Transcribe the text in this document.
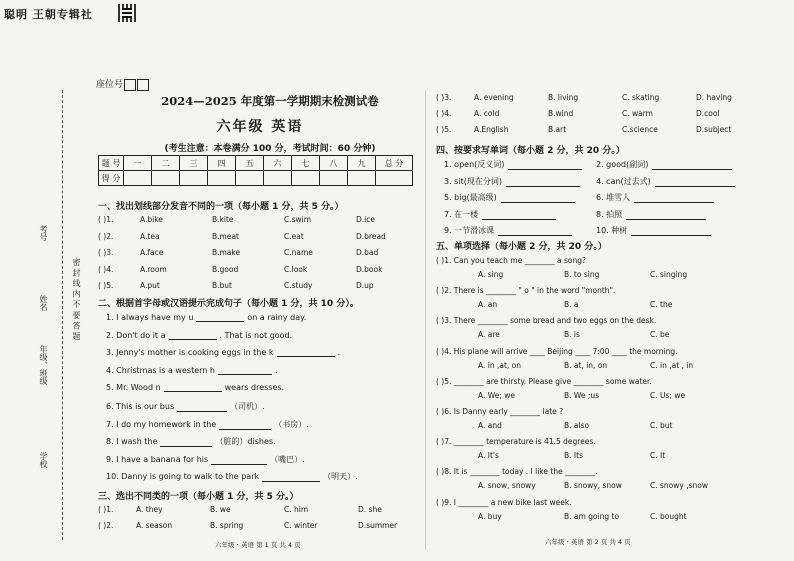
聪明 王朝专辑社
学校
年级、班级
姓名
考号
密 封 线 内 不 要 答 题
座位号
2024—2025 年度第一学期期末检测试卷
六年级 英语
(考生注意：本卷满分 100 分，考试时间：60 分钟)
题 号	一	二	三	四	五	六	七	八	九	总 分
得 分										
一、找出划线部分发音不同的一项（每小题 1 分，共 5 分。）
( )1.	A.bike	B.kite	C.swim	D.ice
( )2.	A.tea	B.meat	C.eat	D.bread
( )3.	A.face	B.make	C.name	D.bad
( )4.	A.room	B.good	C.look	D.book
( )5.	A.put	B.but	C.study	D.up
二、根据首字母或汉语提示完成句子（每小题 1 分，共 10 分）。
1. I always have my u	on a rainy day.
2. Don't do it a	. That is not good.
3. Jenny's mother is cooking eggs in the k	.
4. Christmas is a western h	.
5. Mr. Wood n	wears dresses.
6. This is our bus	（司机）.
7. I do my homework in the	（书房）.
8. I wash the	（脏的）dishes.
9. I have a banana for his	（嘴巴）.
10. Danny is going to walk to the park	（明天）.
三、选出不同类的一项（每小题 1 分，共 5 分。）
( )1.	A. they	B. we	C. him	D. she
( )2.	A. season	B. spring	C. winter	D.summer
( )3.	A. evening	B. living	C. skating	D. having
( )4.	A. cold	B.wind	C. warm	D.cool
( )5.	A.English	B.art	C.science	D.subject
四、按要求写单词（每小题 2 分，共 20 分。）
1. open(反义词)	2. good(副词)
3. sit(现在分词)	4. can(过去式)
5. big(最高级)	6. 堆雪人
7. 在一楼	8. 拍照
9. 一节滑冰课	10. 种树
五、单项选择（每小题 2 分，共 20 分。）
( )1. Can you teach me ________ a song?
A. sing	B. to sing	C. singing
( )2. There is ________ " o " in the word "month".
A. an	B. a	C. the
( )3. There ________ some bread and two eggs on the desk.
A. are	B. is	C. be
( )4. His plane will arrive ____ Beijing ____ 7:00 ____ the morning.
A. in ,at, on	B. at, in, on	C. in ,at , in
( )5. ________ are thirsty. Please give ________ some water.
A. We; we	B. We ;us	C. Us; we
( )6. Is Danny early ________ late ?
A. and	B. also	C. but
( )7. ________ temperature is 41.5 degrees.
A. It's	B. Its	C. It
( )8. It is ________ today . I like the ________.
A. snow, snowy	B. snowy, snow	C. snowy ,snow
( )9. I ________ a new bike last week.
A. buy	B. am going to	C. bought
六年级・英语 第 1 页 共 4 页	六年级・英语 第 2 页 共 4 页
